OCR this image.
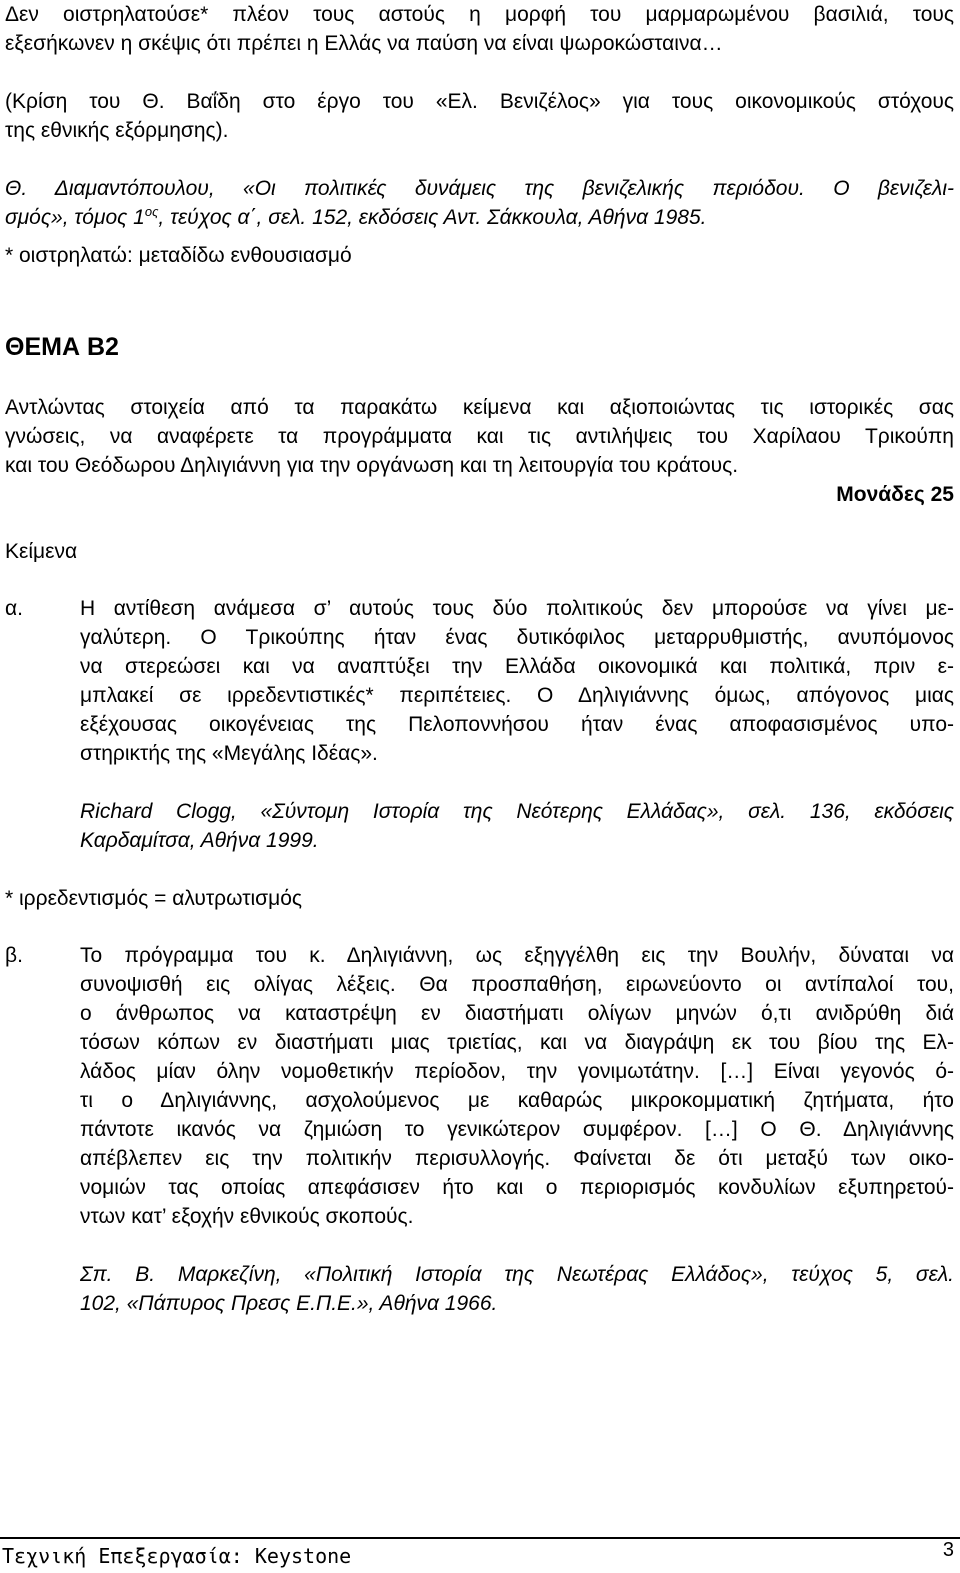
Δεν οιστρηλατούσε* πλέον τους αστούς η μορφή του μαρμαρωμένου βασιλιά, τους
εξεσήκωνεν η σκέψις ότι πρέπει η Ελλάς να παύση να είναι ψωροκώσταινα…
(Κρίση του Θ. Βαΐδη στο έργο του «Ελ. Βενιζέλος» για τους οικονομικούς στόχους
της εθνικής εξόρμησης).
Θ. Διαμαντόπουλου, «Οι πολιτικές δυνάμεις της βενιζελικής περιόδου. Ο βενιζελι-
σμός», τόμος $1^{o\varsigma}$, τεύχος α΄, σελ. 152, εκδόσεις Αντ. Σάκκουλα, Αθήνα 1985.
* οιστρηλατώ: μεταδίδω ενθουσιασμό
ΘΕΜΑ Β2
Αντλώντας στοιχεία από τα παρακάτω κείμενα και αξιοποιώντας τις ιστορικές σας
γνώσεις, να αναφέρετε τα προγράμματα και τις αντιλήψεις του Χαρίλαου Τρικούπη
και του Θεόδωρου Δηλιγιάννη για την οργάνωση και τη λειτουργία του κράτους.
Μονάδες 25
Κείμενα
α.	Η αντίθεση ανάμεσα σ’ αυτούς τους δύο πολιτικούς δεν μπορούσε να γίνει με-
γαλύτερη. Ο Τρικούπης ήταν ένας δυτικόφιλος μεταρρυθμιστής, ανυπόμονος
να στερεώσει και να αναπτύξει την Ελλάδα οικονομικά και πολιτικά, πριν ε-
μπλακεί σε ιρρεδεντιστικές* περιπέτειες. Ο Δηλιγιάννης όμως, απόγονος μιας
εξέχουσας οικογένειας της Πελοποννήσου ήταν ένας αποφασισμένος υπο-
στηρικτής της «Μεγάλης Ιδέας».
Richard Clogg, «Σύντομη Ιστορία της Νεότερης Ελλάδας», σελ. 136, εκδόσεις
Καρδαμίτσα, Αθήνα 1999.
* ιρρεδεντισμός = αλυτρωτισμός
β.	Το πρόγραμμα του κ. Δηλιγιάννη, ως εξηγγέλθη εις την Βουλήν, δύναται να
συνοψισθή εις ολίγας λέξεις. Θα προσπαθήση, ειρωνεύοντο οι αντίπαλοί του,
ο άνθρωπος να καταστρέψη εν διαστήματι ολίγων μηνών ό,τι ανιδρύθη διά
τόσων κόπων εν διαστήματι μιας τριετίας, και να διαγράψη εκ του βίου της Ελ-
λάδος μίαν όλην νομοθετικήν περίοδον, την γονιμωτάτην. […] Είναι γεγονός ό-
τι ο Δηλιγιάννης, ασχολούμενος με καθαρώς μικροκομματική ζητήματα, ήτο
πάντοτε ικανός να ζημιώση το γενικώτερον συμφέρον. […] Ο Θ. Δηλιγιάννης
απέβλεπεν εις την πολιτικήν περισυλλογής. Φαίνεται δε ότι μεταξύ των οικο-
νομιών τας οποίας απεφάσισεν ήτο και ο περιορισμός κονδυλίων εξυπηρετού-
ντων κατ’ εξοχήν εθνικούς σκοπούς.
Σπ. Β. Μαρκεζίνη, «Πολιτική Ιστορία της Νεωτέρας Ελλάδος», τεύχος 5, σελ.
102, «Πάπυρος Πρεσς Ε.Π.Ε.», Αθήνα 1966.
Τεχνική Επεξεργασία: Keystone	3
